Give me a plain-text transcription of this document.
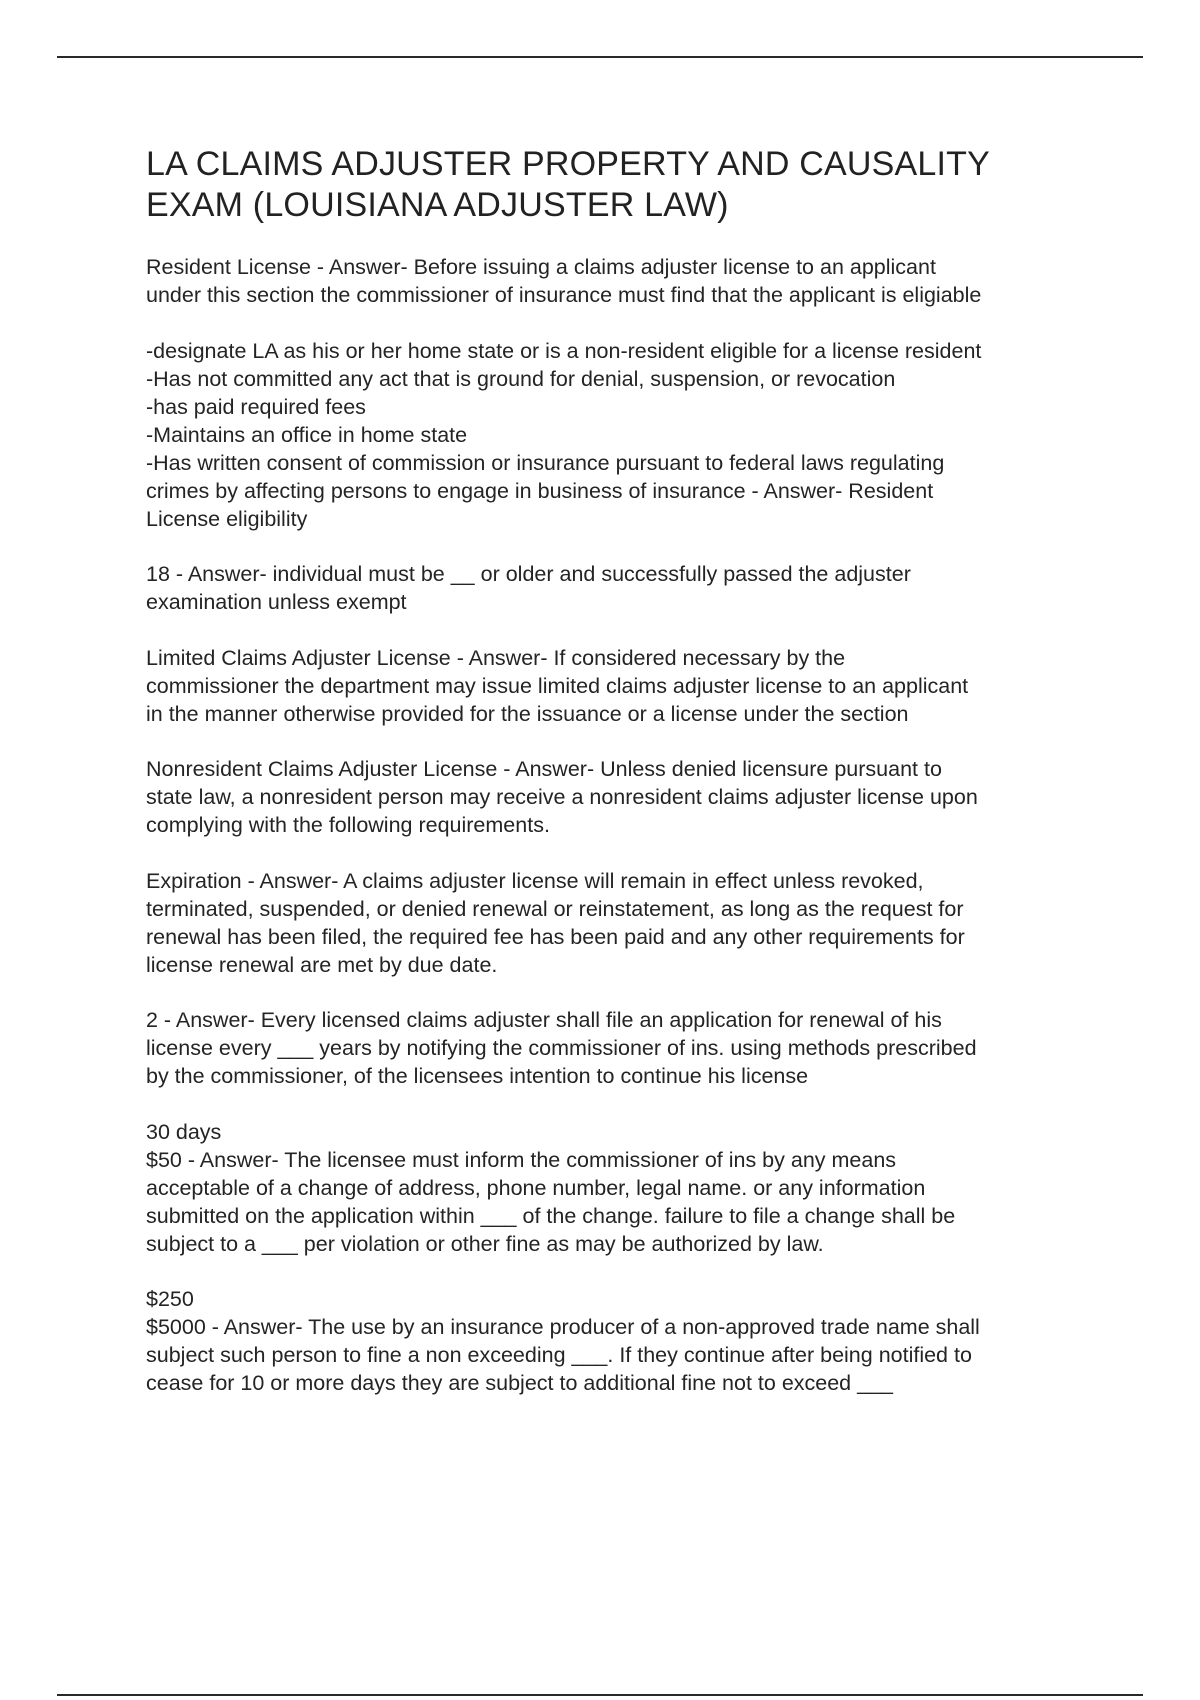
LA CLAIMS ADJUSTER PROPERTY AND CAUSALITY
EXAM (LOUISIANA ADJUSTER LAW)
Resident License - Answer- Before issuing a claims adjuster license to an applicant
under this section the commissioner of insurance must find that the applicant is eligiable
-designate LA as his or her home state or is a non-resident eligible for a license resident
-Has not committed any act that is ground for denial, suspension, or revocation
-has paid required fees
-Maintains an office in home state
-Has written consent of commission or insurance pursuant to federal laws regulating
crimes by affecting persons to engage in business of insurance - Answer- Resident
License eligibility
18 - Answer- individual must be __ or older and successfully passed the adjuster
examination unless exempt
Limited Claims Adjuster License - Answer- If considered necessary by the
commissioner the department may issue limited claims adjuster license to an applicant
in the manner otherwise provided for the issuance or a license under the section
Nonresident Claims Adjuster License - Answer- Unless denied licensure pursuant to
state law, a nonresident person may receive a nonresident claims adjuster license upon
complying with the following requirements.
Expiration - Answer- A claims adjuster license will remain in effect unless revoked,
terminated, suspended, or denied renewal or reinstatement, as long as the request for
renewal has been filed, the required fee has been paid and any other requirements for
license renewal are met by due date.
2 - Answer- Every licensed claims adjuster shall file an application for renewal of his
license every ___ years by notifying the commissioner of ins. using methods prescribed
by the commissioner, of the licensees intention to continue his license
30 days
$50 - Answer- The licensee must inform the commissioner of ins by any means
acceptable of a change of address, phone number, legal name. or any information
submitted on the application within ___ of the change. failure to file a change shall be
subject to a ___ per violation or other fine as may be authorized by law.
$250
$5000 - Answer- The use by an insurance producer of a non-approved trade name shall
subject such person to fine a non exceeding ___. If they continue after being notified to
cease for 10 or more days they are subject to additional fine not to exceed ___
